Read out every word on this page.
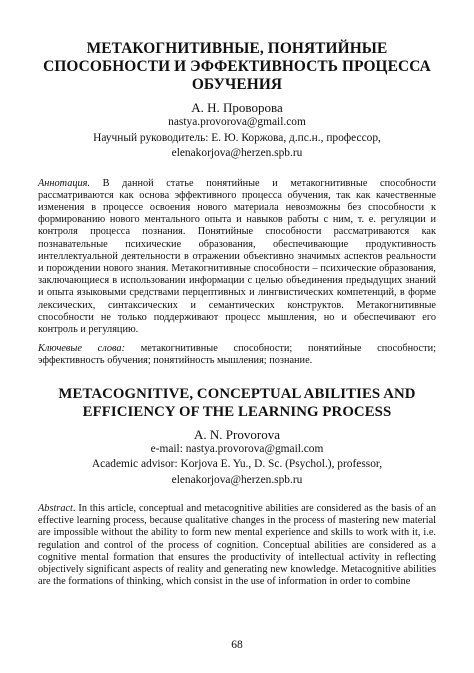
МЕТАКОГНИТИВНЫЕ, ПОНЯТИЙНЫЕ
СПОСОБНОСТИ И ЭФФЕКТИВНОСТЬ ПРОЦЕССА
ОБУЧЕНИЯ
А. Н. Проворова
nastya.provorova@gmail.com
Научный руководитель: Е. Ю. Коржова, д.пс.н., профессор,
elenakorjova@herzen.spb.ru
Аннотация. В данной статье понятийные и метакогнитивные способности рассматриваются как основа эффективного процесса обучения, так как качественные изменения в процессе освоения нового материала невозможны без способности к формированию нового ментального опыта и навыков работы с ним, т. е. регуляции и контроля процесса познания. Понятийные способности рассматриваются как познавательные психические образования, обеспечивающие продуктивность интеллектуальной деятельности в отражении объективно значимых аспектов реальности и порождении нового знания. Метакогнитивные способности – психические образования, заключающиеся в использовании информации с целью объединения предыдущих знаний и опыта языковыми средствами перцептивных и лингвистических компетенций, в форме лексических, синтаксических и семантических конструктов. Метакогнитивные способности не только поддерживают процесс мышления, но и обеспечивают его контроль и регуляцию.
Ключевые слова: метакогнитивные способности; понятийные способности; эффективность обучения; понятийность мышления; познание.
METACOGNITIVE, CONCEPTUAL ABILITIES AND
EFFICIENCY OF THE LEARNING PROCESS
A. N. Provorova
e-mail: nastya.provorova@gmail.com
Academic advisor: Korjova E. Yu., D. Sc. (Psychol.), professor,
elenakorjova@herzen.spb.ru
Abstract. In this article, conceptual and metacognitive abilities are considered as the basis of an effective learning process, because qualitative changes in the process of mastering new material are impossible without the ability to form new mental experience and skills to work with it, i.e. regulation and control of the process of cognition. Conceptual abilities are considered as a cognitive mental formation that ensures the productivity of intellectual activity in reflecting objectively significant aspects of reality and generating new knowledge. Metacognitive abilities are the formations of thinking, which consist in the use of information in order to combine
68
